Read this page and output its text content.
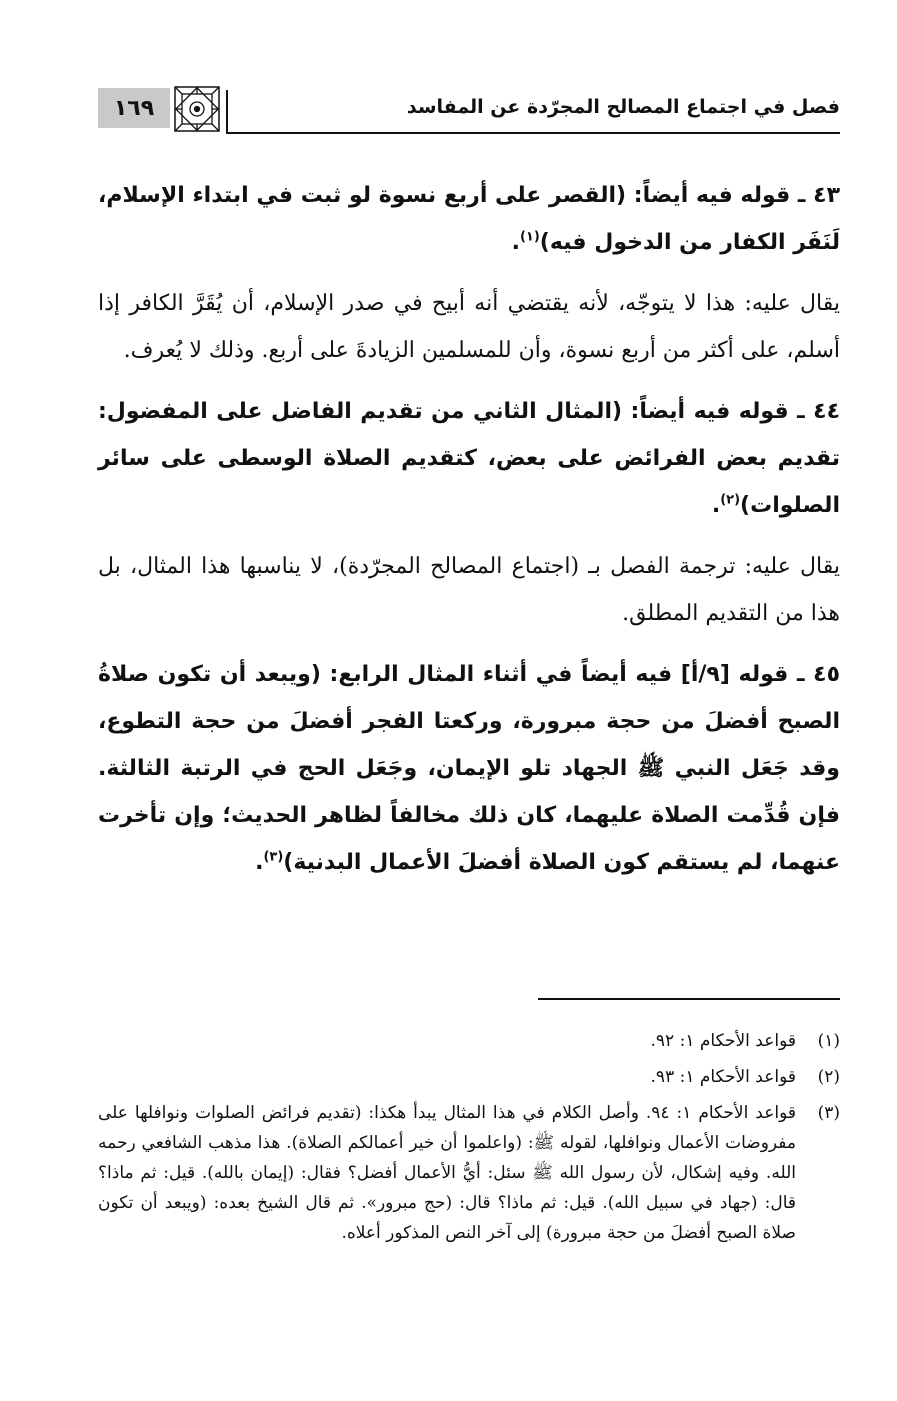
١٦٩	فصل في اجتماع المصالح المجرّدة عن المفاسد

٤٣ ـ قوله فيه أيضاً: (القصر على أربع نسوة لو ثبت في ابتداء الإسلام، لَنَفَر الكفار من الدخول فيه)$^{(١)}$.

يقال عليه: هذا لا يتوجّه، لأنه يقتضي أنه أبيح في صدر الإسلام، أن يُقَرَّ الكافر إذا أسلم، على أكثر من أربع نسوة، وأن للمسلمين الزيادةَ على أربع. وذلك لا يُعرف.

٤٤ ـ قوله فيه أيضاً: (المثال الثاني من تقديم الفاضل على المفضول: تقديم بعض الفرائض على بعض، كتقديم الصلاة الوسطى على سائر الصلوات)$^{(٢)}$.

يقال عليه: ترجمة الفصل بـ (اجتماع المصالح المجرّدة)، لا يناسبها هذا المثال، بل هذا من التقديم المطلق.

٤٥ ـ قوله [٩/أ] فيه أيضاً في أثناء المثال الرابع: (ويبعد أن تكون صلاةُ الصبح أفضلَ من حجة مبرورة، وركعتا الفجر أفضلَ من حجة التطوع، وقد جَعَل النبي ﷺ الجهاد تلو الإيمان، وجَعَل الحج في الرتبة الثالثة. فإن قُدِّمت الصلاة عليهما، كان ذلك مخالفاً لظاهر الحديث؛ وإن تأخرت عنهما، لم يستقم كون الصلاة أفضلَ الأعمال البدنية)$^{(٣)}$.

(١)
قواعد الأحكام ١: ٩٢.
(٢)
قواعد الأحكام ١: ٩٣.
(٣)
قواعد الأحكام ١: ٩٤. وأصل الكلام في هذا المثال يبدأ هكذا: (تقديم فرائض الصلوات ونوافلها على مفروضات الأعمال ونوافلها، لقوله ﷺ: (واعلموا أن خير أعمالكم الصلاة). هذا مذهب الشافعي رحمه الله. وفيه إشكال، لأن رسول الله ﷺ سئل: أيُّ الأعمال أفضل؟ فقال: (إيمان بالله). قيل: ثم ماذا؟ قال: (جهاد في سبيل الله). قيل: ثم ماذا؟ قال: (حج مبرور». ثم قال الشيخ بعده: (ويبعد أن تكون صلاة الصبح أفضلَ من حجة مبرورة) إلى آخر النص المذكور أعلاه.
